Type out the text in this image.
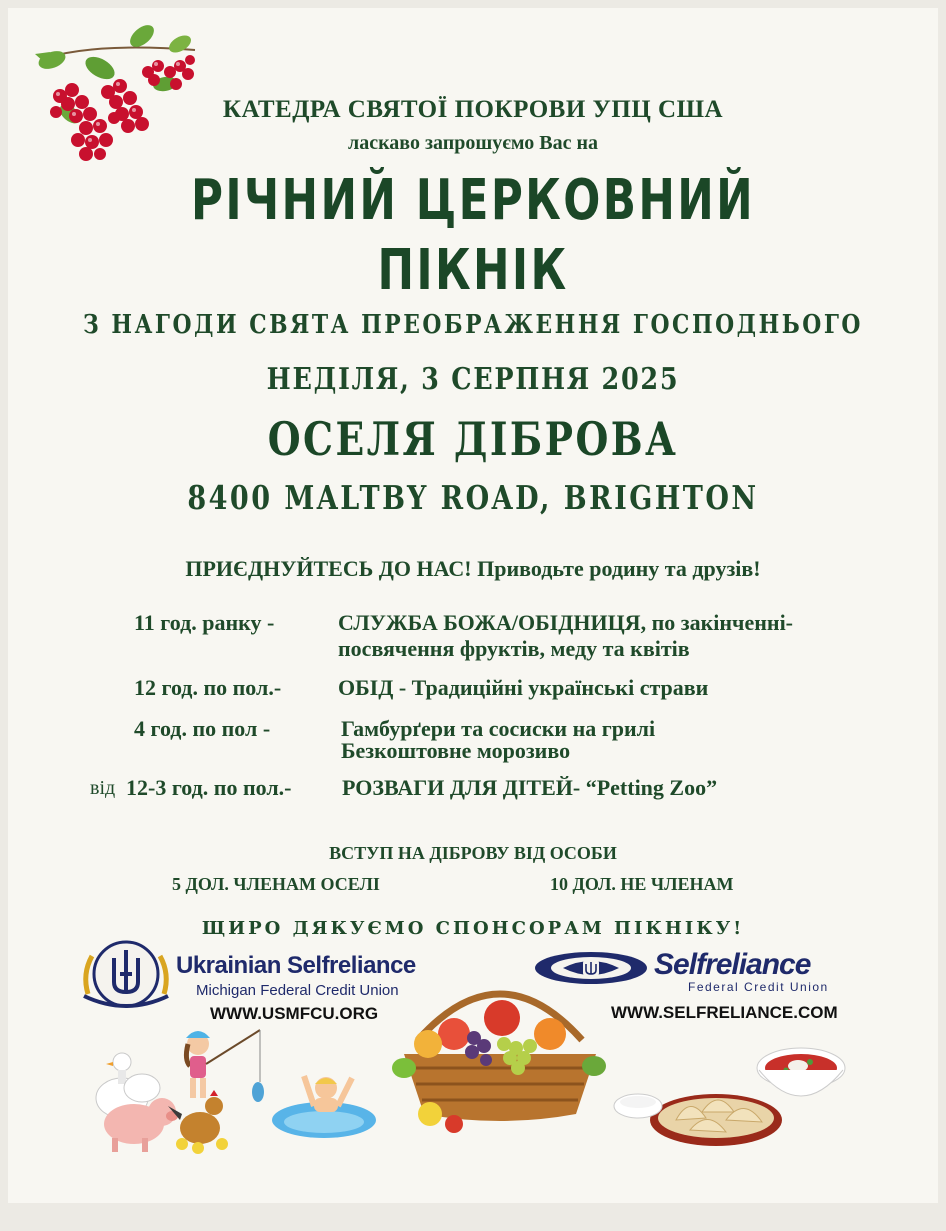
КАТЕДРА СВЯТОЇ ПОКРОВИ УПЦ США
ласкаво запрошуємо Вас на
РІЧНИЙ ЦЕРКОВНИЙ
ПІКНІК
З НАГОДИ СВЯТА ПРЕОБРАЖЕННЯ ГОСПОДНЬОГО
НЕДІЛЯ, 3 СЕРПНЯ 2025
ОСЕЛЯ ДІБРОВА
8400 MALTBY ROAD, BRIGHTON
ПРИЄДНУЙТЕСЬ ДО НАС! Приводьте родину та друзів!
11 год. ранку -	СЛУЖБА БОЖА/ОБІДНИЦЯ, по закінченні-
посвячення фруктів, меду та квітів
12 год. по пол.-	ОБІД - Традиційні українські страви
4 год. по пол -	Гамбурґери та сосиски на грилі
Безкоштовне морозиво
від 12-3 год. по пол.- РОЗВАГИ ДЛЯ ДІТЕЙ- “Petting Zoo”
ВСТУП НА ДІБРОВУ ВІД ОСОБИ
5 ДОЛ. ЧЛЕНАМ ОСЕЛІ	10 ДОЛ. НЕ ЧЛЕНАМ
ЩИРО ДЯКУЄМО СПОНСОРАМ ПІКНІКУ!
Ukrainian Selfreliance
Michigan Federal Credit Union
WWW.USMFCU.ORG
Selfreliance
Federal Credit Union
WWW.SELFRELIANCE.COM
